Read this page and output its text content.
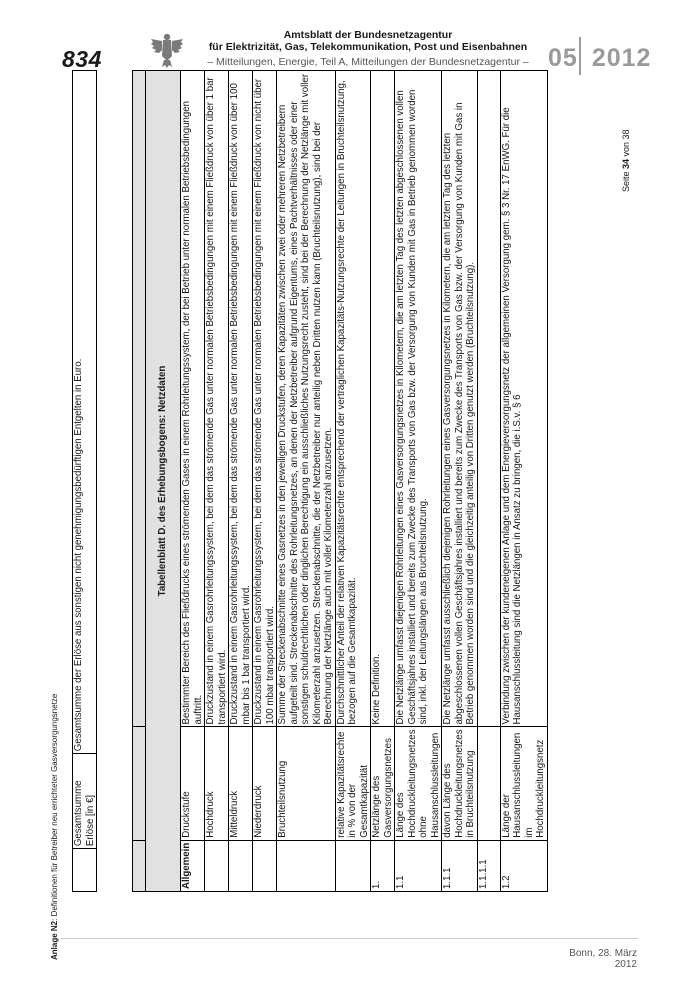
834
Amtsblatt der Bundesnetzagentur
für Elektrizität, Gas, Telekommunikation, Post und Eisenbahnen
– Mitteilungen, Energie, Teil A, Mitteilungen der Bundesnetzagentur – 05 2012
Anlage N2: Definitionen für Betreiber neu errichteter Gasversorgungsnetze
	Gesamtsumme Erlöse [in €]	Gesamtsumme der Erlöse aus sonstigen nicht genehmigungsbedürftigen Entgelten in Euro.
			Tabellenblatt D. des Erhebungsbogens: Netzdaten		
Allgemein	Druckstufe	Bestimmter Bereich des Fließdrucks eines strömenden Gases in einem Rohrleitungssystem, der bei Betrieb unter normalen Betriebsbedingungen auftritt.
	Hochdruck	Druckzustand in einem Gasrohrleitungssystem, bei dem das strömende Gas unter normalen Betriebsbedingungen mit einem Fließdruck von über 1 bar transportiert wird.
	Mitteldruck	Druckzustand in einem Gasrohrleitungssystem, bei dem das strömende Gas unter normalen Betriebsbedingungen mit einem Fließdruck von über 100 mbar bis 1 bar transportiert wird.
	Niederdruck	Druckzustand in einem Gasrohrleitungssystem, bei dem das strömende Gas unter normalen Betriebsbedingungen mit einem Fließdruck von nicht über 100 mbar transportiert wird.
	Bruchteilsnutzung	Summe der Streckenabschnitte eines Gasnetzes in den jeweiligen Druckstufen, deren Kapazitäten zwischen zwei oder mehreren Netzbetreibern aufgeteilt sind. Streckenabschnitte des Rohrleitungsnetzes, an denen der Netzbetreiber aufgrund Eigentums, eines Pachtverhältnisses oder einer sonstigen schuldrechtlichen oder dinglichen Berechtigung ein ausschließliches Nutzungsrecht zusteht, sind bei der Berechnung der Netzlänge mit voller Kilometerzahl anzusetzen. Streckenabschnitte, die der Netzbetreiber nur anteilig neben Dritten nutzen kann (Bruchteilsnutzung), sind bei der Berechnung der Netzlänge auch mit voller Kilometerzahl anzusetzen.
	relative Kapazitätsrechte in % von der Gesamtkapazität	Durchschnittlicher Anteil der relativen Kapazitätsrechte entsprechend der vertraglichen Kapazitäts-Nutzungsrechte der Leitungen in Bruchteilsnutzung, bezogen auf die Gesamtkapazität.
1.	Netzlänge des Gasversorgungsnetzes	Keine Definition.
1.1	Länge des Hochdruckleitungsnetzes ohne Hausanschlussleitungen	Die Netzlänge umfasst diejenigen Rohrleitungen eines Gasversorgungsnetzes in Kilometern, die am letzten Tag des letzten abgeschlossenen vollen Geschäftsjahres installiert und bereits zum Zwecke des Transports von Gas bzw. der Versorgung von Kunden mit Gas in Betrieb genommen worden sind, inkl. der Leitungslängen aus Bruchteilsnutzung.
1.1.1	davon Länge des Hochdruckleitungsnetzes in Bruchteilsnutzung	Die Netzlänge umfasst ausschließlich diejenigen Rohrleitungen eines Gasversorgungsnetzes in Kilometern, die am letzten Tag des letzten abgeschlossenen vollen Geschäftsjahres installiert und bereits zum Zwecke des Transports von Gas bzw. der Versorgung von Kunden mit Gas in Betrieb genommen worden sind und die gleichzeitig anteilig von Dritten genutzt werden (Bruchteilsnutzung).
1.1.1.1		
1.2	Länge der Hausanschlussleitungen im Hochdruckleitungsnetz	Verbindung zwischen der kundeneigenen Anlage und dem Energieversorgungsnetz der allgemeinen Versorgung gem. § 3 Nr. 17 EnWG. Für die Hausanschlussleitung sind die Netzlängen in Ansatz zu bringen, die i.S.v. § 6
Seite 34 von 38
Bonn, 28. März 2012
